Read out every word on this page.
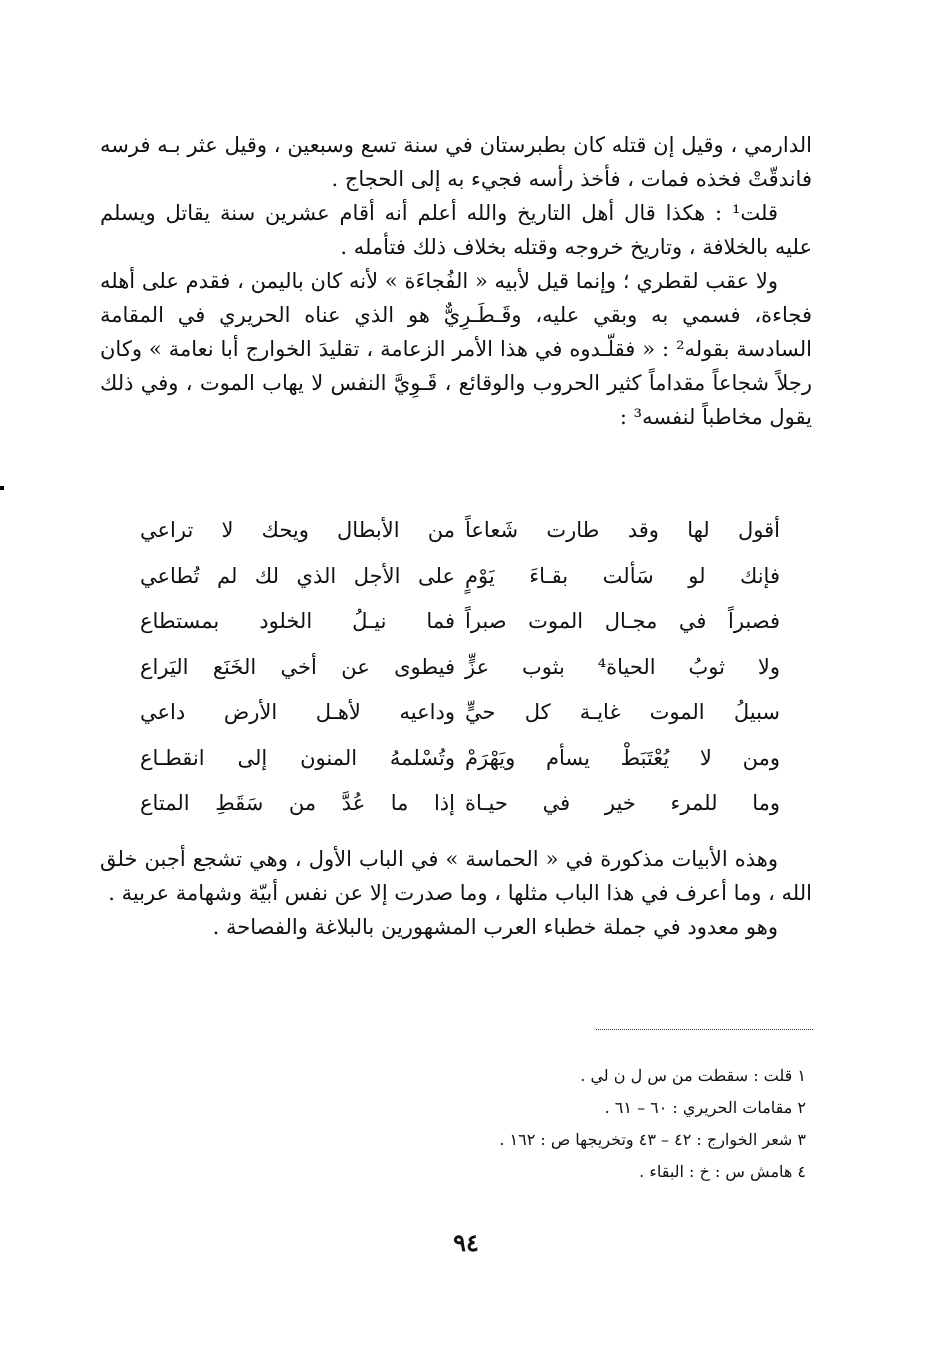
الدارمي ، وقيل إن قتله كان بطبرستان في سنة تسع وسبعين ، وقيل عثر بـه فرسه فاندقّتْ فخذه فمات ، فأخذ رأسه فجيء به إلى الحجاج .

قلت¹ : هكذا قال أهل التاريخ والله أعلم أنه أقام عشرين سنة يقاتل ويسلم عليه بالخلافة ، وتاريخ خروجه وقتله بخلاف ذلك فتأمله .

ولا عقب لقطري ؛ وإنما قيل لأبيه « الفُجاءَة » لأنه كان باليمن ، فقدم على أهله فجاءة، فسمي به وبقي عليه، وقَـطَـرِيٌّ هو الذي عناه الحريري في المقامة السادسة بقوله² : « فقلّـدوه في هذا الأمر الزعامة ، تقليدَ الخوارج أبا نعامة » وكان رجلاً شجاعاً مقداماً كثير الحروب والوقائع ، قَـوِيَّ النفس لا يهاب الموت ، وفي ذلك يقول مخاطباً لنفسه³ :

أقول لها وقد طارت شَعاعاً
من الأبطال ويحك لا تراعي
فإنك لو سَألت بقـاءَ يَوْمٍ
على الأجل الذي لك لم تُطاعي
فصبراً في مجـال الموت صبراً
فما نيـلُ الخلود بمستطاع
ولا ثوبُ الحياة⁴ بثوب عزٍّ
فيطوى عن أخي الخَنَع اليَراع
سبيلُ الموت غايـة كل حيٍّ
وداعيه لأهـل الأرض داعي
ومن لا يُعْتَبَطْ يسأم ويَهْرَمْ
وتُسْلمهُ المنون إلى انقطـاع
وما للمرء خير في حيـاة
إذا ما عُدَّ من سَقَطِ المتاع

وهذه الأبيات مذكورة في « الحماسة » في الباب الأول ، وهي تشجع أجبن خلق الله ، وما أعرف في هذا الباب مثلها ، وما صدرت إلا عن نفس أبيّة وشهامة عربية .

وهو معدود في جملة خطباء العرب المشهورين بالبلاغة والفصاحة .

١ قلت : سقطت من س ل ن لي .
٢ مقامات الحريري : ٦٠ – ٦١ .
٣ شعر الخوارج : ٤٢ – ٤٣ وتخريجها ص : ١٦٢ .
٤ هامش س : خ : البقاء .
٩٤
